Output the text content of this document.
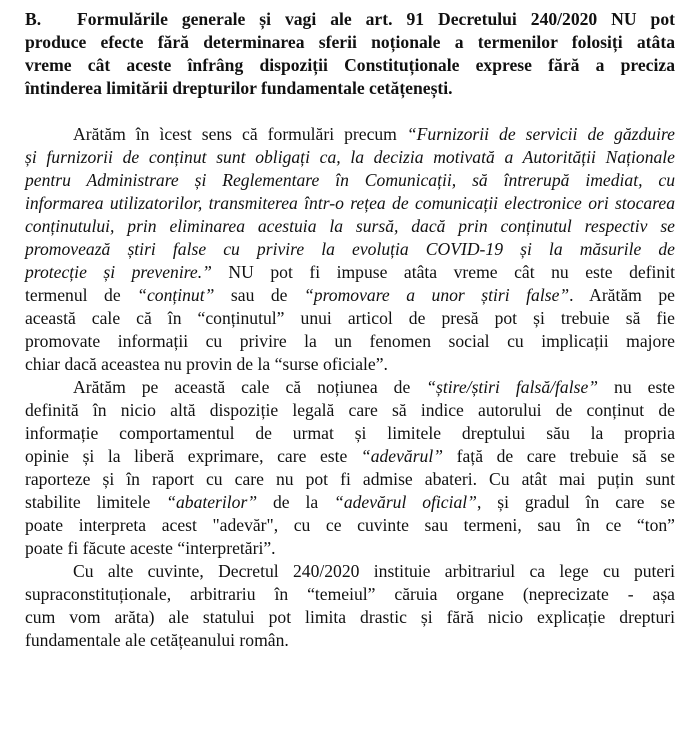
B. Formulările generale și vagi ale art. 91 Decretului 240/2020 NU pot
produce efecte fără determinarea sferii noționale a termenilor folosiți atâta
vreme cât aceste înfrâng dispoziții Constituționale exprese fără a preciza
întinderea limitării drepturilor fundamentale cetățenești.
Arătăm în ìcest sens că formulări precum “Furnizorii de servicii de găzduire
și furnizorii de conținut sunt obligați ca, la decizia motivată a Autorității Naționale
pentru Administrare și Reglementare în Comunicații, să întrerupă imediat, cu
informarea utilizatorilor, transmiterea într-o rețea de comunicații electronice ori stocarea
conținutului, prin eliminarea acestuia la sursă, dacă prin conținutul respectiv se
promovează știri false cu privire la evoluția COVID-19 și la măsurile de
protecție și prevenire.” NU pot fi impuse atâta vreme cât nu este definit
termenul de “conținut” sau de “promovare a unor știri false”. Arătăm pe
această cale că în “conținutul” unui articol de presă pot și trebuie să fie
promovate informații cu privire la un fenomen social cu implicații majore
chiar dacă aceastea nu provin de la “surse oficiale”.
Arătăm pe această cale că noțiunea de “știre/știri falsă/false” nu este
definită în nicio altă dispoziție legală care să indice autorului de conținut de
informație comportamentul de urmat și limitele dreptului său la propria
opinie și la liberă exprimare, care este “adevărul” față de care trebuie să se
raporteze și în raport cu care nu pot fi admise abateri. Cu atât mai puțin sunt
stabilite limitele “abaterilor” de la “adevărul oficial”, și gradul în care se
poate interpreta acest "adevăr", cu ce cuvinte sau termeni, sau în ce “ton”
poate fi făcute aceste “interpretări”.
Cu alte cuvinte, Decretul 240/2020 instituie arbitrariul ca lege cu puteri
supraconstituționale, arbitrariu în “temeiul” căruia organe (neprecizate - așa
cum vom arăta) ale statului pot limita drastic și fără nicio explicație drepturi
fundamentale ale cetățeanului român.
